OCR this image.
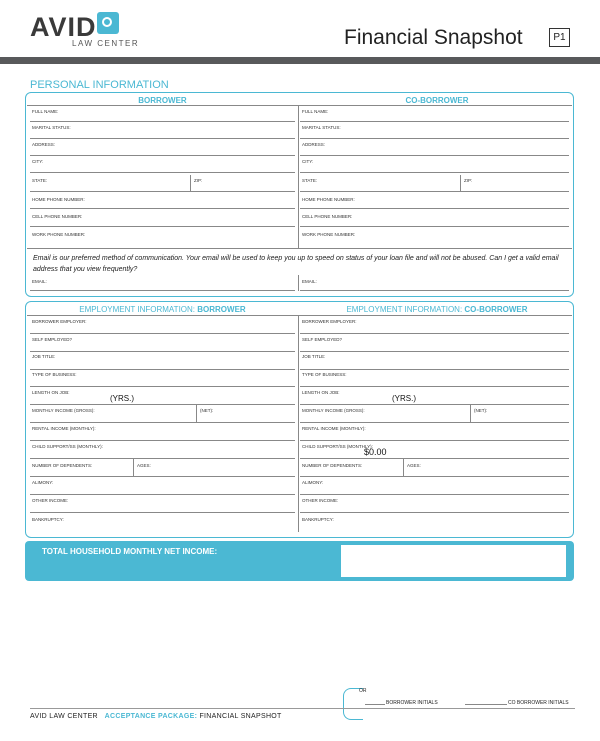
AVID
LAW CENTER	Financial Snapshot	P1
PERSONAL INFORMATION
BORROWER	CO-BORROWER
FULL NAME:
MARITAL STATUS:
ADDRESS:
CITY:
STATE:	ZIP:
HOME PHONE NUMBER:
CELL PHONE NUMBER:
WORK PHONE NUMBER:
FULL NAME:
MARITAL STATUS:
ADDRESS:
CITY:
STATE:	ZIP:
HOME PHONE NUMBER:
CELL PHONE NUMBER:
WORK PHONE NUMBER:
Email is our preferred method of communication. Your email will be used to keep you up to speed on status of your loan file and will not be abused. Can I get a valid email address that you view frequently?
EMAIL:	EMAIL:
EMPLOYMENT INFORMATION: BORROWER	EMPLOYMENT INFORMATION: CO-BORROWER
BORROWER EMPLOYER:
SELF EMPLOYED?
JOB TITLE:
TYPE OF BUSINESS:
LENGTH ON JOB:
(YRS.)
MONTHLY INCOME (GROSS):	(NET):
RENTAL INCOME (MONTHLY):
CHILD SUPPORT/SS (MONTHLY):
NUMBER OF DEPENDENTS:	AGES:
ALIMONY:
OTHER INCOME:
BANKRUPTCY:
BORROWER EMPLOYER:
SELF EMPLOYED?
JOB TITLE:
TYPE OF BUSINESS:
LENGTH ON JOB:
(YRS.)
MONTHLY INCOME (GROSS):	(NET):
RENTAL INCOME (MONTHLY):
CHILD SUPPORT/SS (MONTHLY):
$0.00
NUMBER OF DEPENDENTS:	AGES:
ALIMONY:
OTHER INCOME:
BANKRUPTCY:
TOTAL HOUSEHOLD MONTHLY NET INCOME:
OR
BORROWER INITIALS	CO BORROWER INITIALS
AVID LAW CENTER ACCEPTANCE PACKAGE: FINANCIAL SNAPSHOT
